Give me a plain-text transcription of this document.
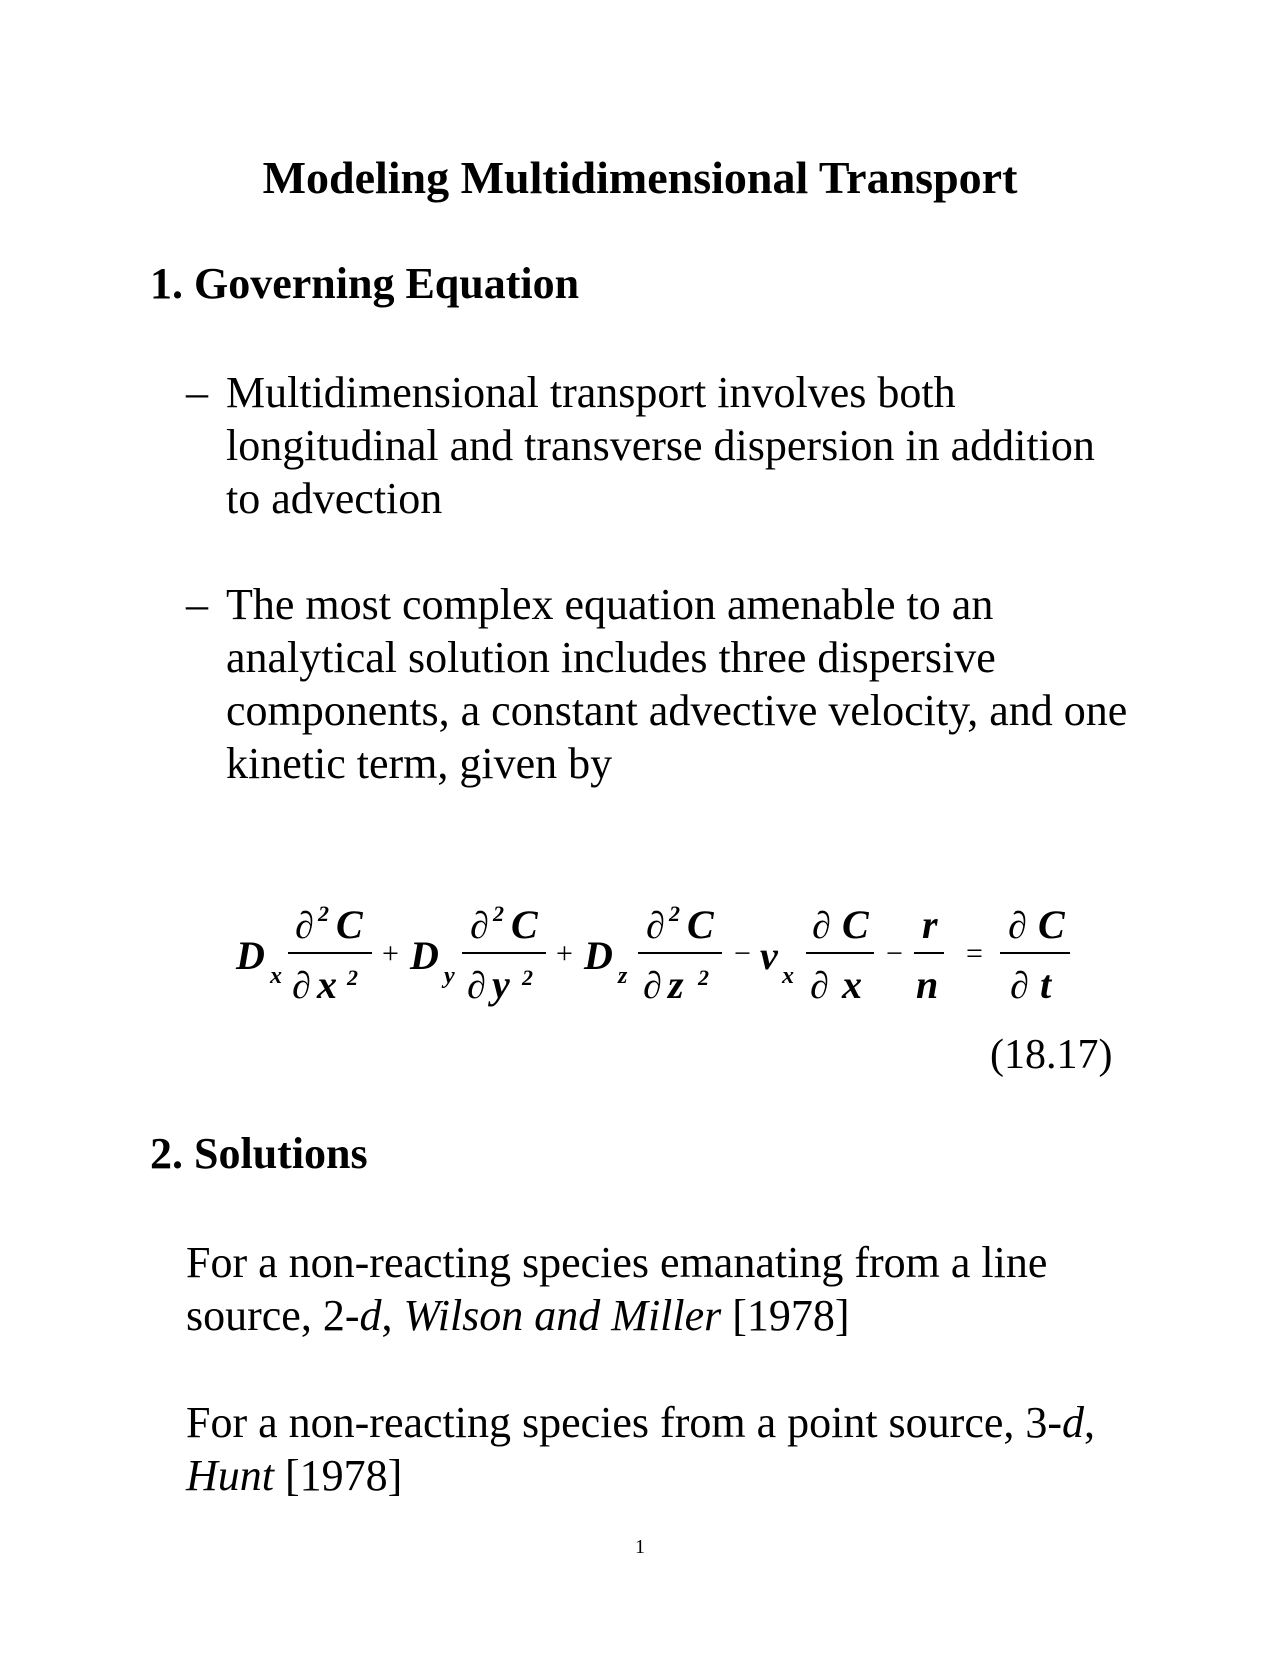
Modeling Multidimensional Transport
1. Governing Equation
– Multidimensional transport involves both longitudinal and transverse dispersion in addition to advection
– The most complex equation amenable to an analytical solution includes three dispersive components, a constant advective velocity, and one kinetic term, given by
D x
∂ 2 C
∂ x 2
+ D y
∂ 2 C
∂ y 2
+ D z
∂ 2 C
∂ z 2
− v x
∂ C
∂ x
−
r
n
=
∂ C
∂ t
(18.17)
2. Solutions
For a non-reacting species emanating from a line source, 2-d, Wilson and Miller [1978]
For a non-reacting species from a point source, 3-d, Hunt [1978]
1
